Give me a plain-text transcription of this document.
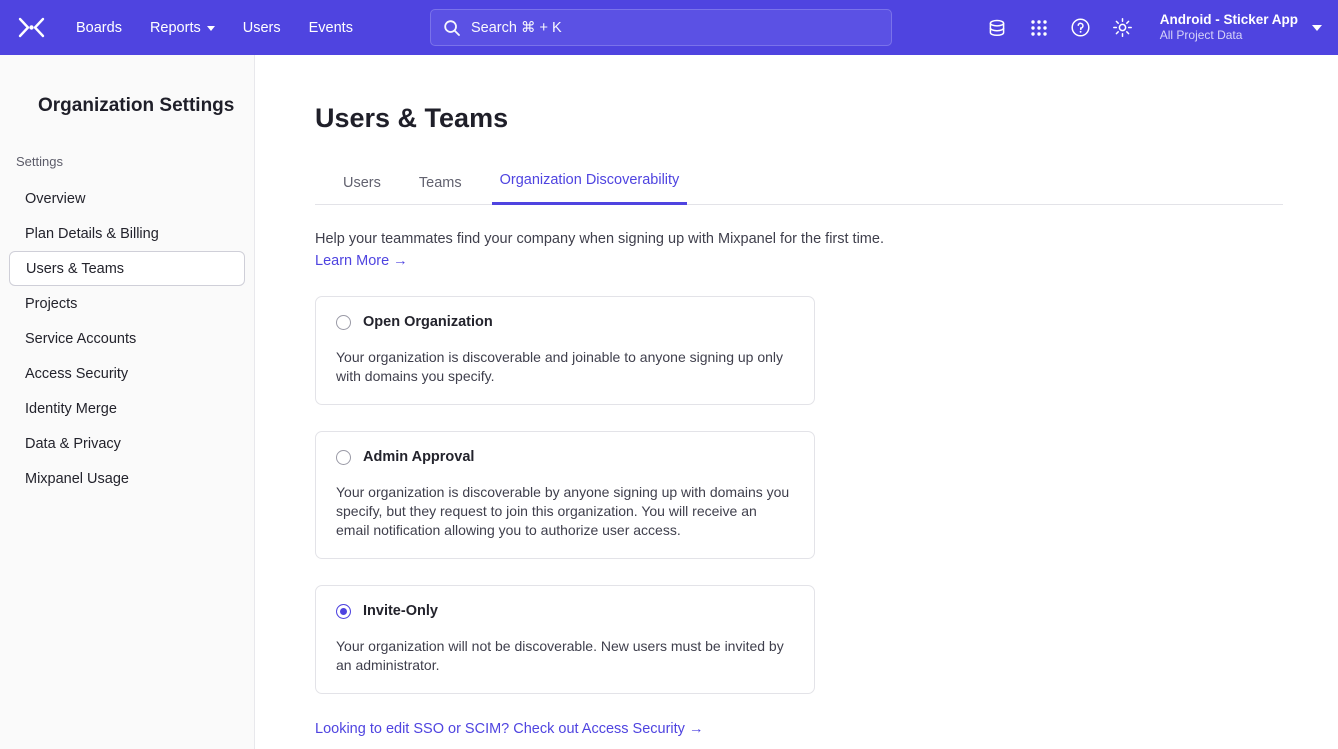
Boards Reports	Users Events	Search ⌘ + K	Android - Sticker App
All Project Data
Organization Settings
Settings
Overview
Plan Details & Billing
Users & Teams
Projects
Service Accounts
Access Security
Identity Merge
Data & Privacy
Mixpanel Usage
Users & Teams
Users	Teams	Organization Discoverability
Help your teammates find your company when signing up with Mixpanel for the first time.
Learn More →
Open Organization
Your organization is discoverable and joinable to anyone signing up only with domains you specify.
Admin Approval
Your organization is discoverable by anyone signing up with domains you specify, but they request to join this organization. You will receive an email notification allowing you to authorize user access.
Invite-Only
Your organization will not be discoverable. New users must be invited by an administrator.
Looking to edit SSO or SCIM? Check out Access Security →
